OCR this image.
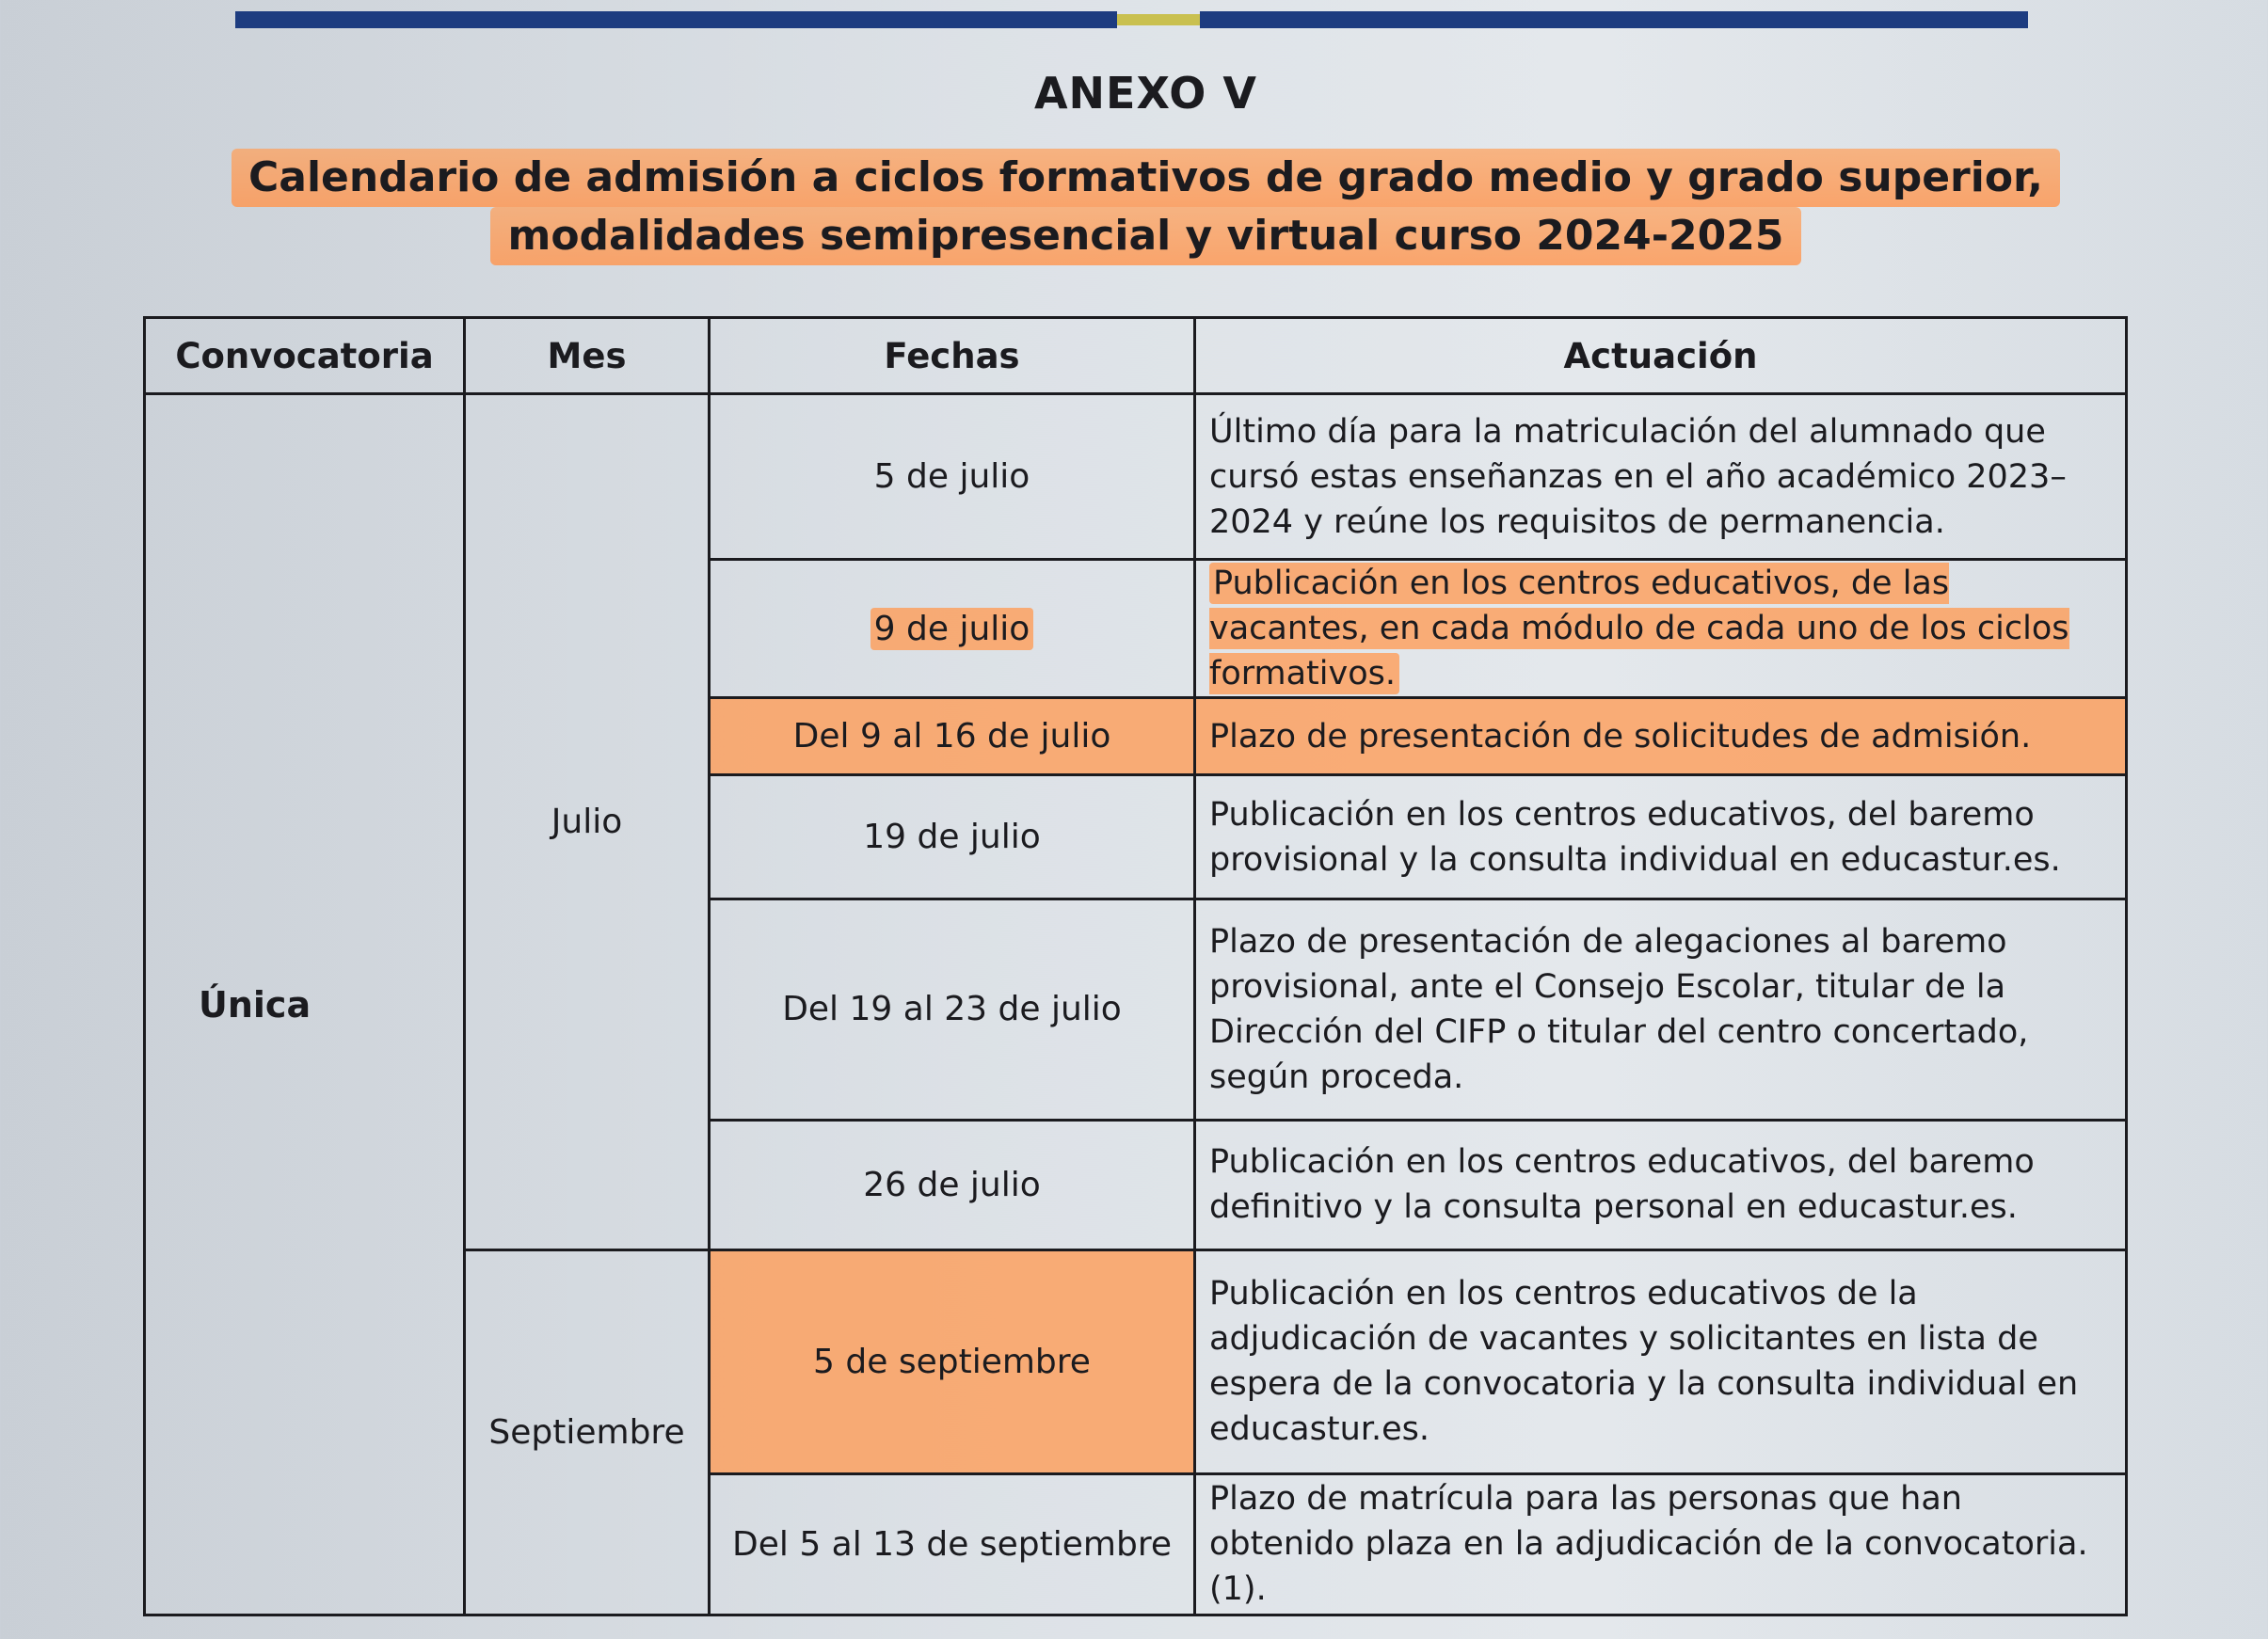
ANEXO V
Calendario de admisión a ciclos formativos de grado medio y grado superior,
modalidades semipresencial y virtual curso 2024-2025
Convocatoria	Mes	Fechas	Actuación
Única	Julio	5 de julio	Último día para la matriculación del alumnado que cursó estas enseñanzas en el año académico 2023–2024 y reúne los requisitos de permanencia.
		9 de julio	Publicación en los centros educativos, de las vacantes, en cada módulo de cada uno de los ciclos formativos.
		Del 9 al 16 de julio	Plazo de presentación de solicitudes de admisión.
		19 de julio	Publicación en los centros educativos, del baremo provisional y la consulta individual en educastur.es.
		Del 19 al 23 de julio	Plazo de presentación de alegaciones al baremo provisional, ante el Consejo Escolar, titular de la Dirección del CIFP o titular del centro concertado, según proceda.
		26 de julio	Publicación en los centros educativos, del baremo definitivo y la consulta personal en educastur.es.
	Septiembre	5 de septiembre	Publicación en los centros educativos de la adjudicación de vacantes y solicitantes en lista de espera de la convocatoria y la consulta individual en educastur.es.
		Del 5 al 13 de septiembre	Plazo de matrícula para las personas que han obtenido plaza en la adjudicación de la convocatoria. (1).
